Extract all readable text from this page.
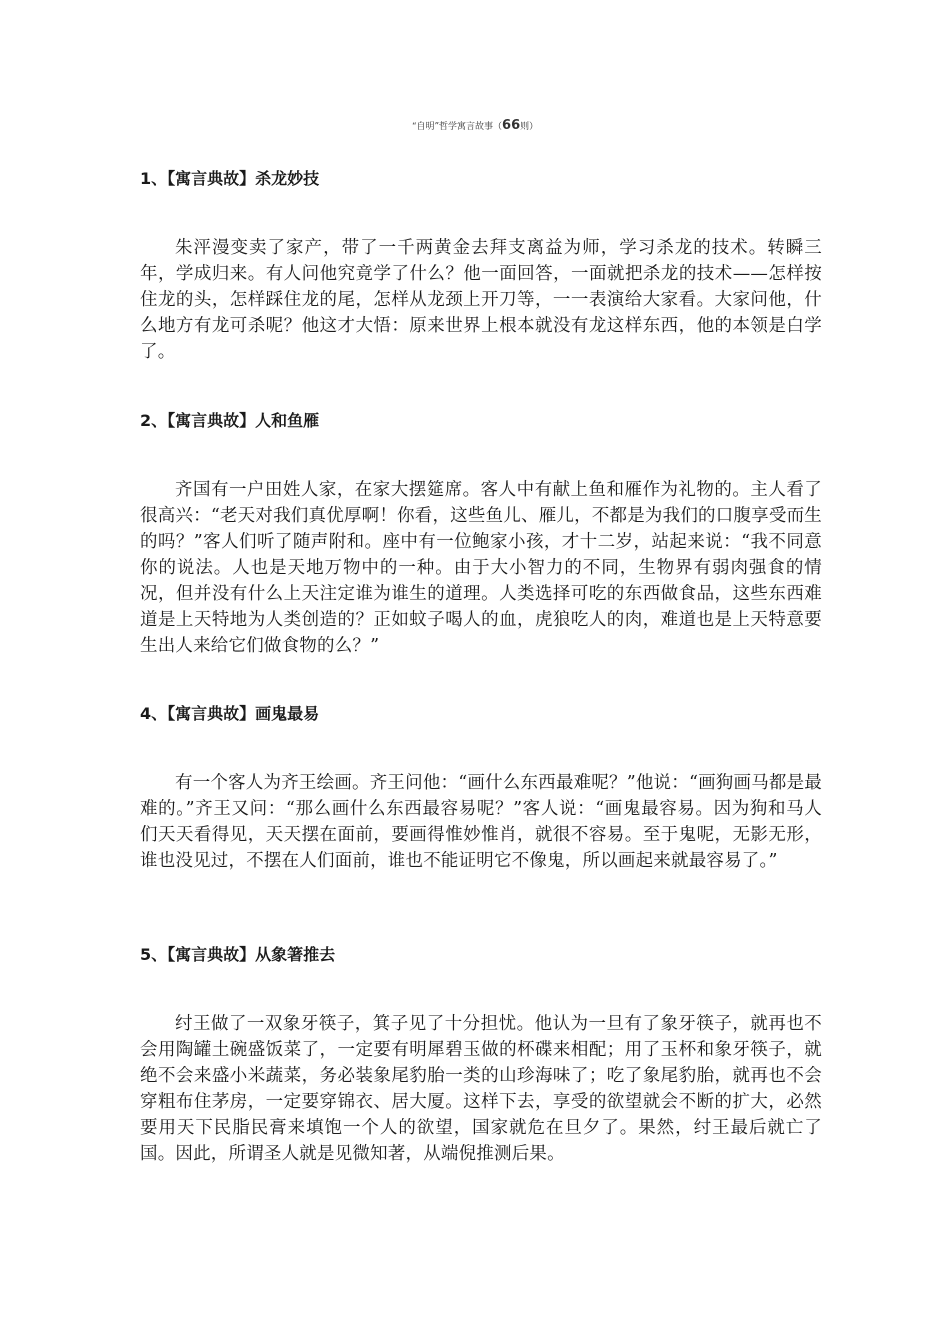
“自明”哲学寓言故事（66则）
1、【寓言典故】杀龙妙技

朱泙漫变卖了家产，带了一千两黄金去拜支离益为师，学习杀龙的技术。转瞬三年，学成归来。有人问他究竟学了什么？他一面回答，一面就把杀龙的技术——怎样按住龙的头，怎样踩住龙的尾，怎样从龙颈上开刀等，一一表演给大家看。大家问他，什么地方有龙可杀呢？他这才大悟：原来世界上根本就没有龙这样东西，他的本领是白学了。

2、【寓言典故】人和鱼雁

齐国有一户田姓人家，在家大摆筵席。客人中有献上鱼和雁作为礼物的。主人看了很高兴：“老天对我们真优厚啊！你看，这些鱼儿、雁儿，不都是为我们的口腹享受而生的吗？”客人们听了随声附和。座中有一位鲍家小孩，才十二岁，站起来说：“我不同意你的说法。人也是天地万物中的一种。由于大小智力的不同，生物界有弱肉强食的情况，但并没有什么上天注定谁为谁生的道理。人类选择可吃的东西做食品，这些东西难道是上天特地为人类创造的？正如蚊子喝人的血，虎狼吃人的肉，难道也是上天特意要生出人来给它们做食物的么？”

4、【寓言典故】画鬼最易

有一个客人为齐王绘画。齐王问他：“画什么东西最难呢？”他说：“画狗画马都是最难的。”齐王又问：“那么画什么东西最容易呢？”客人说：“画鬼最容易。因为狗和马人们天天看得见，天天摆在面前，要画得惟妙惟肖，就很不容易。至于鬼呢，无影无形，谁也没见过，不摆在人们面前，谁也不能证明它不像鬼，所以画起来就最容易了。”

5、【寓言典故】从象箸推去

纣王做了一双象牙筷子，箕子见了十分担忧。他认为一旦有了象牙筷子，就再也不会用陶罐土碗盛饭菜了，一定要有明犀碧玉做的杯碟来相配；用了玉杯和象牙筷子，就绝不会来盛小米蔬菜，务必装象尾豹胎一类的山珍海味了；吃了象尾豹胎，就再也不会穿粗布住茅房，一定要穿锦衣、居大厦。这样下去，享受的欲望就会不断的扩大，必然要用天下民脂民膏来填饱一个人的欲望，国家就危在旦夕了。果然，纣王最后就亡了国。因此，所谓圣人就是见微知著，从端倪推测后果。
